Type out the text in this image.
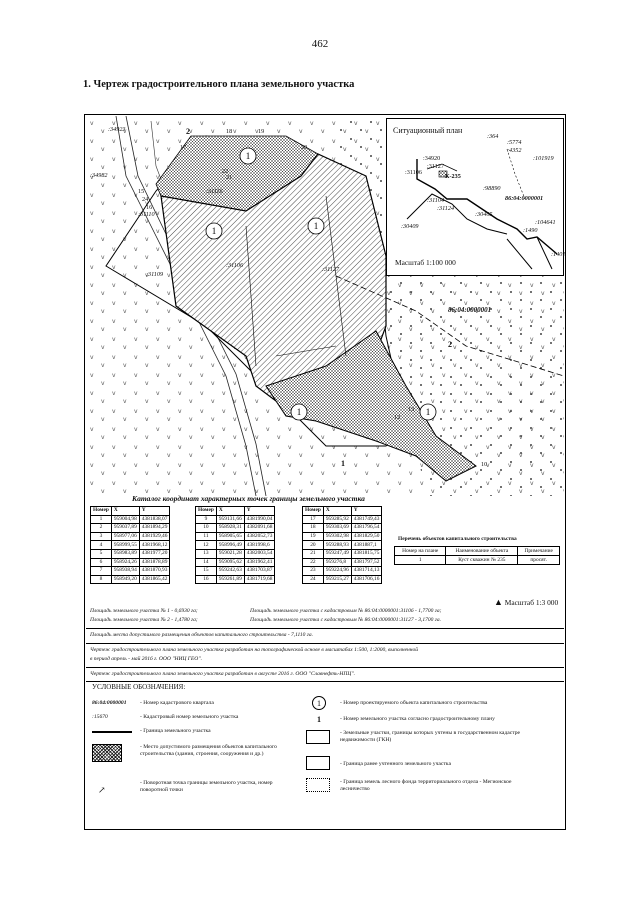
462
1. Чертеж градостроительного плана земельного участка
1
1	1
1	1
2
2
1
:31109
:31106
:31127
:34982
:34923
:31110
:31116
86:04:0000001
17
18	19
20
21
22
15
24
16
12
13
10
Ситуационный план
:364
:5774
:4352
:101919
:34920
:31127
:31106
К-235
:98890
:31104
:31124
:30405
:30409
:104641
:1490
:1401
86:04:0000001
Масштаб 1:100 000
Каталог координат характерных точек границы земельного участка
Номер	X	Y
1	959004,98	4381838,07
2	959037,89	4381894,29
3	958977,06	4381929,46
4	958999,55	4381968,12
5	958983,89	4381977,20
6	958924,26	4381878,89
7	958938,94	4381870,93
8	958949,20	4381865,42
Номер	X	Y
9	959131,66	4381990,04
10	958928,31	4382091,68
11	958905,65	4382052,73
12	958996,49	4381998,6
13	959021,28	4382003,54
14	959095,62	4381962,41
15	959242,63	4381703,87
16	959261,89	4381719,68
Номер	X	Y
17	959285,92	4381749,43
18	959303,69	4381796,54
19	959302,98	4381829,50
20	959288,93	4381887,1
21	959247,49	4381815,75
22	959276,8	4381797,52
23	959224,96	4381714,13
24	959215,27	4381706,16
Перечень объектов капитального строительства
Номер на плане	Наименование объекта	Примечание
1	Куст скважин № 235	просят.
▲ Масштаб 1:3 000
Площадь земельного участка № 1 - 0,6930 га;	Площадь земельного участка с кадастровым № 86:04:0000001:31106 - 1,7700 га;
Площадь земельного участка № 2 - 1,4780 га;	Площадь земельного участка с кадастровым № 86:04:0000001:31127 - 3,1700 га.
Площадь места допустимого размещения объектов капитального строительства - 7,1110 га.
Чертеж градостроительного плана земельного участка разработан на топографической основе в масштабах 1:500, 1:2000, выполненной
в период апрель - май 2016 г. ООО "НИЦ ГЕО".
Чертеж градостроительного плана земельного участка разработан в августе 2016 г. ООО "Славнефть-НПЦ".
УСЛОВНЫЕ ОБОЗНАЧЕНИЯ:
86:04:0000001 - Номер кадастрового квартала
:15670	- Кадастровый номер земельного участка
- Граница земельного участка
- Место допустимого размещения объектов капитального строительства (здания, строения, сооружения и др.)
↗
- Поворотная точка границы земельного участка, номер поворотной точки
1	- Номер проектируемого объекта капитального строительства
1	- Номер земельного участка согласно градостроительному плану
- Земельные участки, границы которых учтены в государственном кадастре недвижимости (ГКН)
- Граница ранее учтенного земельного участка
- Граница земель лесного фонда территориального отдела - Мегионское лесничество
